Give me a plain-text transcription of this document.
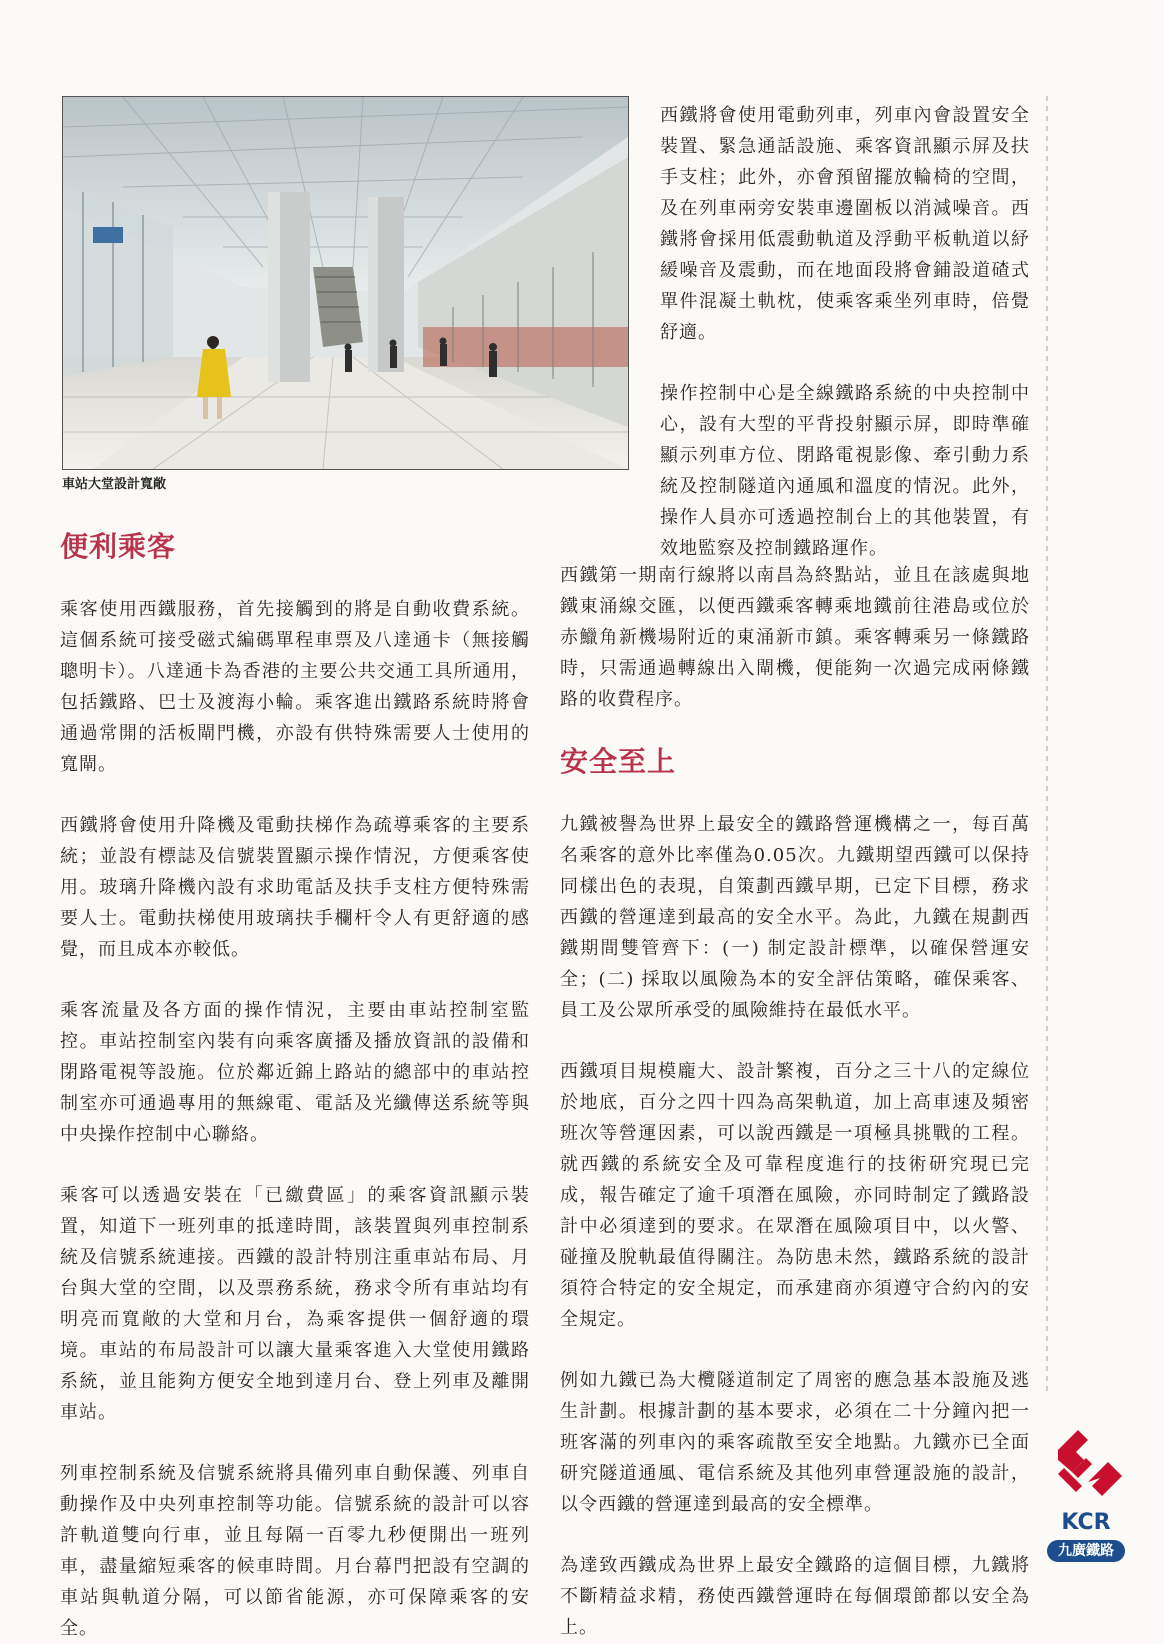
車站大堂設計寬敞

西鐵將會使用電動列車，列車內會設置安全裝置、緊急通話設施、乘客資訊顯示屏及扶手支柱；此外，亦會預留擺放輪椅的空間，及在列車兩旁安裝車邊圍板以消減噪音。西鐵將會採用低震動軌道及浮動平板軌道以紓緩噪音及震動，而在地面段將會鋪設道碴式單件混凝土軌枕，使乘客乘坐列車時，倍覺舒適。

操作控制中心是全線鐵路系統的中央控制中心，設有大型的平背投射顯示屏，即時準確顯示列車方位、閉路電視影像、牽引動力系統及控制隧道內通風和溫度的情況。此外，操作人員亦可透過控制台上的其他裝置，有效地監察及控制鐵路運作。

便利乘客

乘客使用西鐵服務，首先接觸到的將是自動收費系統。這個系統可接受磁式編碼單程車票及八達通卡（無接觸聰明卡）。八達通卡為香港的主要公共交通工具所通用，包括鐵路、巴士及渡海小輪。乘客進出鐵路系統時將會通過常開的活板閘門機，亦設有供特殊需要人士使用的寬閘。

西鐵將會使用升降機及電動扶梯作為疏導乘客的主要系統；並設有標誌及信號裝置顯示操作情況，方便乘客使用。玻璃升降機內設有求助電話及扶手支柱方便特殊需要人士。電動扶梯使用玻璃扶手欄杆令人有更舒適的感覺，而且成本亦較低。

乘客流量及各方面的操作情況，主要由車站控制室監控。車站控制室內裝有向乘客廣播及播放資訊的設備和閉路電視等設施。位於鄰近錦上路站的總部中的車站控制室亦可通過專用的無線電、電話及光纖傳送系統等與中央操作控制中心聯絡。

乘客可以透過安裝在「已繳費區」的乘客資訊顯示裝置，知道下一班列車的抵達時間，該裝置與列車控制系統及信號系統連接。西鐵的設計特別注重車站布局、月台與大堂的空間，以及票務系統，務求令所有車站均有明亮而寬敞的大堂和月台，為乘客提供一個舒適的環境。車站的布局設計可以讓大量乘客進入大堂使用鐵路系統，並且能夠方便安全地到達月台、登上列車及離開車站。

列車控制系統及信號系統將具備列車自動保護、列車自動操作及中央列車控制等功能。信號系統的設計可以容許軌道雙向行車，並且每隔一百零九秒便開出一班列車，盡量縮短乘客的候車時間。月台幕門把設有空調的車站與軌道分隔，可以節省能源，亦可保障乘客的安全。

西鐵第一期南行線將以南昌為終點站，並且在該處與地鐵東涌線交匯，以便西鐵乘客轉乘地鐵前往港島或位於赤鱲角新機場附近的東涌新市鎮。乘客轉乘另一條鐵路時，只需通過轉線出入閘機，便能夠一次過完成兩條鐵路的收費程序。

安全至上

九鐵被譽為世界上最安全的鐵路營運機構之一，每百萬名乘客的意外比率僅為0.05次。九鐵期望西鐵可以保持同樣出色的表現，自策劃西鐵早期，已定下目標，務求西鐵的營運達到最高的安全水平。為此，九鐵在規劃西鐵期間雙管齊下：(一) 制定設計標準，以確保營運安全；(二) 採取以風險為本的安全評估策略，確保乘客、員工及公眾所承受的風險維持在最低水平。

西鐵項目規模龐大、設計繁複，百分之三十八的定線位於地底，百分之四十四為高架軌道，加上高車速及頻密班次等營運因素，可以說西鐵是一項極具挑戰的工程。就西鐵的系統安全及可靠程度進行的技術研究現已完成，報告確定了逾千項潛在風險，亦同時制定了鐵路設計中必須達到的要求。在眾潛在風險項目中，以火警、碰撞及脫軌最值得關注。為防患未然，鐵路系統的設計須符合特定的安全規定，而承建商亦須遵守合約內的安全規定。

例如九鐵已為大欖隧道制定了周密的應急基本設施及逃生計劃。根據計劃的基本要求，必須在二十分鐘內把一班客滿的列車內的乘客疏散至安全地點。九鐵亦已全面研究隧道通風、電信系統及其他列車營運設施的設計，以令西鐵的營運達到最高的安全標準。

為達致西鐵成為世界上最安全鐵路的這個目標，九鐵將不斷精益求精，務使西鐵營運時在每個環節都以安全為上。

KCR
九廣鐵路
